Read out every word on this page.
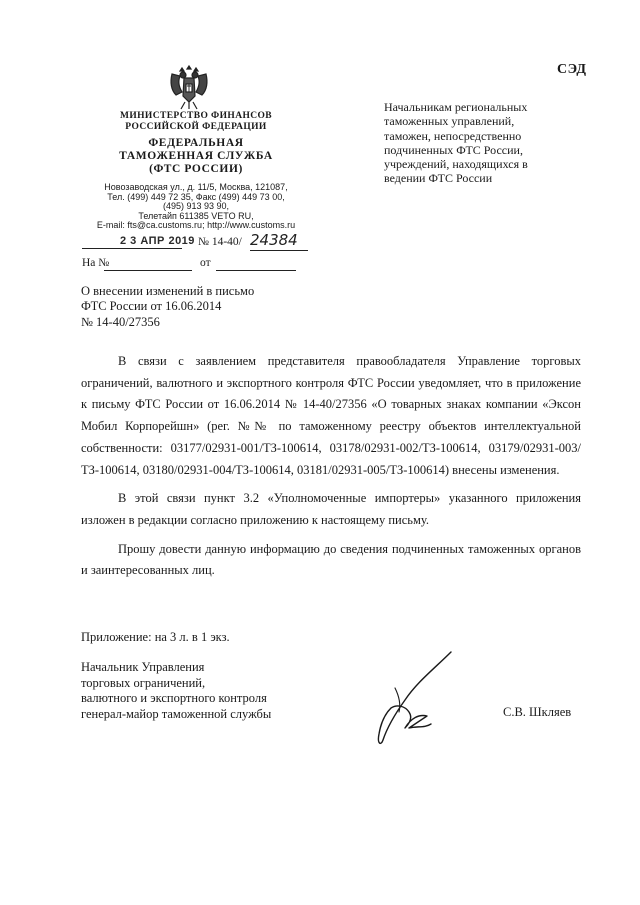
СЭД
МИНИСТЕРСТВО ФИНАНСОВ
РОССИЙСКОЙ ФЕДЕРАЦИИ
ФЕДЕРАЛЬНАЯ
ТАМОЖЕННАЯ СЛУЖБА
(ФТС РОССИИ)
Новозаводская ул., д. 11/5, Москва, 121087,
Тел. (499) 449 72 35, Факс (499) 449 73 00,
(495) 913 93 90,
Телетайп 611385 VETO RU,
E-mail: fts@ca.customs.ru; http://www.customs.ru
2 3 АПР 2019 № 14-40/ 24384
На №	от
Начальникам региональных
таможенных управлений,
таможен, непосредственно
подчиненных ФТС России,
учреждений, находящихся в
ведении ФТС России
О внесении изменений в письмо
ФТС России от 16.06.2014
№ 14-40/27356

В связи с заявлением представителя правообладателя Управление торговых ограничений, валютного и экспортного контроля ФТС России уведомляет, что в приложение к письму ФТС России от 16.06.2014 № 14-40/27356 «О товарных знаках компании «Эксон Мобил Корпорейшн» (рег. №№ по таможенному реестру объектов интеллектуальной собственности: 03177/02931-001/ТЗ-100614, 03178/02931-002/ТЗ-100614, 03179/02931-003/ТЗ-100614, 03180/02931-004/ТЗ-100614, 03181/02931-005/ТЗ-100614) внесены изменения.

В этой связи пункт 3.2 «Уполномоченные импортеры» указанного приложения изложен в редакции согласно приложению к настоящему письму.

Прошу довести данную информацию до сведения подчиненных таможенных органов и заинтересованных лиц.

Приложение: на 3 л. в 1 экз.
Начальник Управления
торговых ограничений,
валютного и экспортного контроля
генерал-майор таможенной службы	С.В. Шкляев
